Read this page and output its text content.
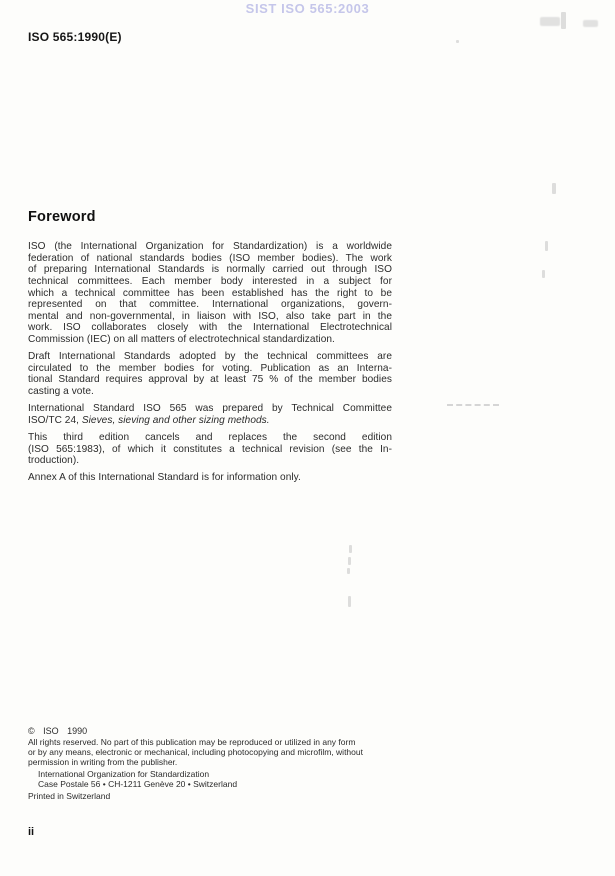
SIST ISO 565:2003
ISO 565:1990(E)
Foreword
ISO (the International Organization for Standardization) is a worldwide
federation of national standards bodies (ISO member bodies). The work
of preparing International Standards is normally carried out through ISO
technical committees. Each member body interested in a subject for
which a technical committee has been established has the right to be
represented on that committee. International organizations, govern-
mental and non-governmental, in liaison with ISO, also take part in the
work. ISO collaborates closely with the International Electrotechnical
Commission (IEC) on all matters of electrotechnical standardization.
Draft International Standards adopted by the technical committees are
circulated to the member bodies for voting. Publication as an Interna-
tional Standard requires approval by at least 75 % of the member bodies
casting a vote.
International Standard ISO 565 was prepared by Technical Committee
ISO/TC 24, Sieves, sieving and other sizing methods.
This third edition cancels and replaces the second edition
(ISO 565:1983), of which it constitutes a technical revision (see the In-
troduction).
Annex A of this International Standard is for information only.
© ISO 1990
All rights reserved. No part of this publication may be reproduced or utilized in any form
or by any means, electronic or mechanical, including photocopying and microfilm, without
permission in writing from the publisher.
International Organization for Standardization
Case Postale 56 • CH-1211 Genève 20 • Switzerland
Printed in Switzerland
ii
